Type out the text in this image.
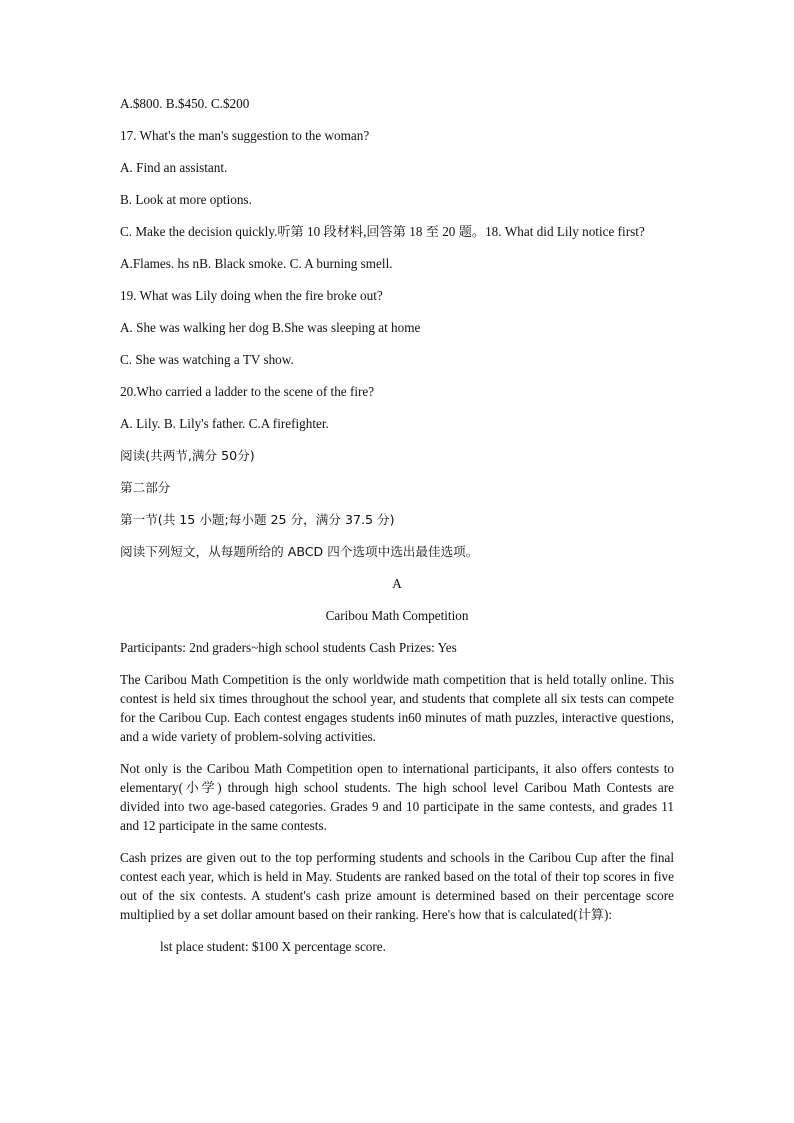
A.$800. B.$450. C.$200

17. What's the man's suggestion to the woman?

A. Find an assistant.

B. Look at more options.

C. Make the decision quickly.听第 10 段材料,回答第 18 至 20 题。18. What did Lily notice first?

A.Flames. hs nB. Black smoke. C. A burning smell.

19. What was Lily doing when the fire broke out?

A. She was walking her dog B.She was sleeping at home

C. She was watching a TV show.

20.Who carried a ladder to the scene of the fire?

A. Lily. B. Lily's father. C.A firefighter.

阅读(共两节,满分 50分)

第二部分

第一节(共 15 小题;每小题 25 分，满分 37.5 分)

阅读下列短文，从每题所给的 ABCD 四个选项中选出最佳选项。

A

Caribou Math Competition

Participants: 2nd graders~high school students Cash Prizes: Yes

The Caribou Math Competition is the only worldwide math competition that is held totally online. This contest is held six times throughout the school year, and students that complete all six tests can compete for the Caribou Cup. Each contest engages students in60 minutes of math puzzles, interactive questions, and a wide variety of problem-solving activities.

Not only is the Caribou Math Competition open to international participants, it also offers contests to elementary(小学) through high school students. The high school level Caribou Math Contests are divided into two age-based categories. Grades 9 and 10 participate in the same contests, and grades 11 and 12 participate in the same contests.

Cash prizes are given out to the top performing students and schools in the Caribou Cup after the final contest each year, which is held in May. Students are ranked based on the total of their top scores in five out of the six contests. A student's cash prize amount is determined based on their percentage score multiplied by a set dollar amount based on their ranking. Here's how that is calculated(计算):

lst place student: $100 X percentage score.
